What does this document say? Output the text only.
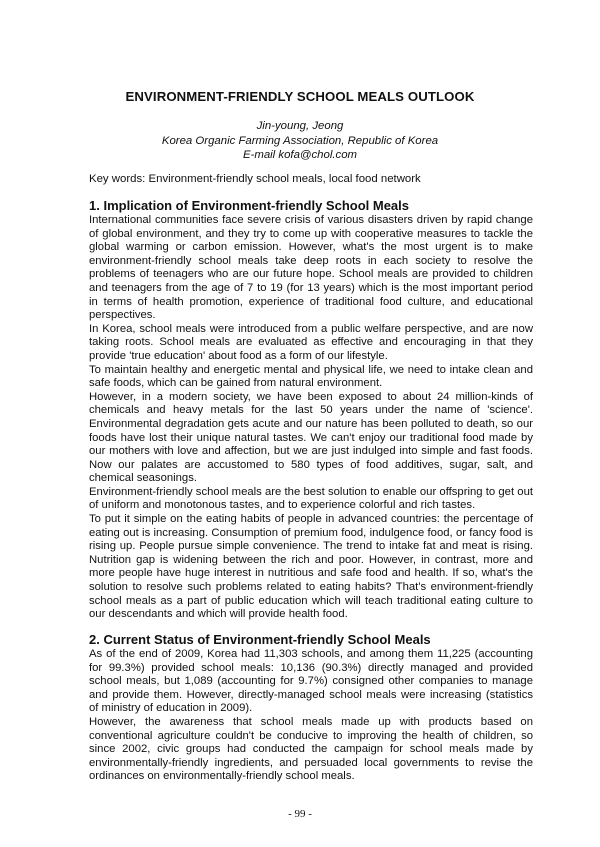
ENVIRONMENT-FRIENDLY SCHOOL MEALS OUTLOOK
Jin-young, Jeong
Korea Organic Farming Association, Republic of Korea
E-mail kofa@chol.com
Key words: Environment-friendly school meals, local food network
1. Implication of Environment-friendly School Meals

International communities face severe crisis of various disasters driven by rapid change of global environment, and they try to come up with cooperative measures to tackle the global warming or carbon emission. However, what's the most urgent is to make environment-friendly school meals take deep roots in each society to resolve the problems of teenagers who are our future hope. School meals are provided to children and teenagers from the age of 7 to 19 (for 13 years) which is the most important period in terms of health promotion, experience of traditional food culture, and educational perspectives.

In Korea, school meals were introduced from a public welfare perspective, and are now taking roots. School meals are evaluated as effective and encouraging in that they provide 'true education' about food as a form of our lifestyle.

To maintain healthy and energetic mental and physical life, we need to intake clean and safe foods, which can be gained from natural environment.

However, in a modern society, we have been exposed to about 24 million-kinds of chemicals and heavy metals for the last 50 years under the name of 'science'. Environmental degradation gets acute and our nature has been polluted to death, so our foods have lost their unique natural tastes. We can't enjoy our traditional food made by our mothers with love and affection, but we are just indulged into simple and fast foods. Now our palates are accustomed to 580 types of food additives, sugar, salt, and chemical seasonings.

Environment-friendly school meals are the best solution to enable our offspring to get out of uniform and monotonous tastes, and to experience colorful and rich tastes.

To put it simple on the eating habits of people in advanced countries: the percentage of eating out is increasing. Consumption of premium food, indulgence food, or fancy food is rising up. People pursue simple convenience. The trend to intake fat and meat is rising. Nutrition gap is widening between the rich and poor. However, in contrast, more and more people have huge interest in nutritious and safe food and health. If so, what's the solution to resolve such problems related to eating habits? That's environment-friendly school meals as a part of public education which will teach traditional eating culture to our descendants and which will provide health food.

2. Current Status of Environment-friendly School Meals

As of the end of 2009, Korea had 11,303 schools, and among them 11,225 (accounting for 99.3%) provided school meals: 10,136 (90.3%) directly managed and provided school meals, but 1,089 (accounting for 9.7%) consigned other companies to manage and provide them. However, directly-managed school meals were increasing (statistics of ministry of education in 2009).

However, the awareness that school meals made up with products based on conventional agriculture couldn't be conducive to improving the health of children, so since 2002, civic groups had conducted the campaign for school meals made by environmentally-friendly ingredients, and persuaded local governments to revise the ordinances on environmentally-friendly school meals.

- 99 -
